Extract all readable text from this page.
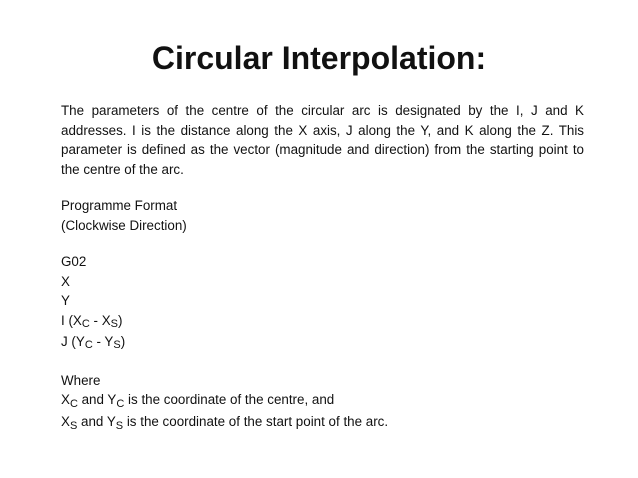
Circular Interpolation:

The parameters of the centre of the circular arc is designated by the I, J and K addresses. I is the distance along the X axis, J along the Y, and K along the Z. This parameter is defined as the vector (magnitude and direction) from the starting point to the centre of the arc.

Programme Format

(Clockwise Direction)

G02

X

Y

I (XC - XS)

J (YC - YS)

Where

$X_C$ and $Y_C$ is the coordinate of the centre, and

$X_S$ and $Y_S$ is the coordinate of the start point of the arc.
